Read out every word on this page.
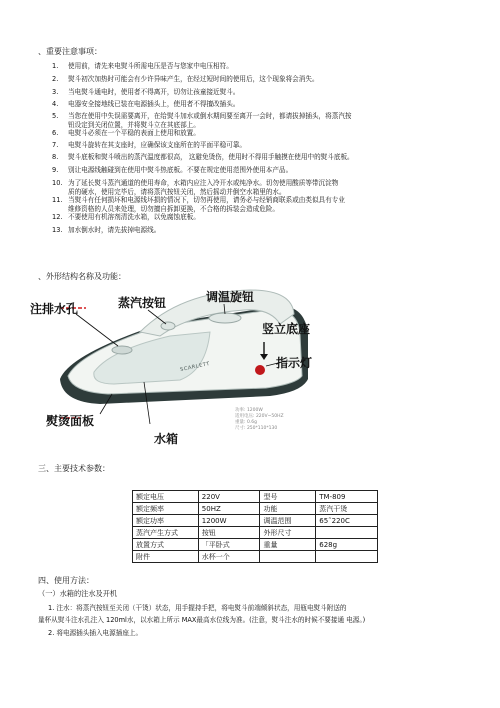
、重要注意事项：
1. 使用前，请先来电熨斗所需电压是否与您家中电压相符。
2. 熨斗初次加热时可能会有少许异味产生，在经过短时间的使用后，这个现象将会消失。
3. 当电熨斗通电时，使用者不得离开，切勿让孩童接近熨斗。
4. 电器安全接地线已装在电源插头上，使用者不得擅改插头。
5. 当您在使用中失误需要离开，在给熨斗加水或倒水期间要至离开一会时，都请拔掉插头，将蒸汽按
钮设定到关闭位置，并将熨斗立在其底部上。
6. 电熨斗必须在一个平稳的表面上使用和放置。
7. 电熨斗旋转在其支座时，应确保该支座所在的平面平稳可靠。
8. 熨斗底板和熨斗喷出的蒸汽温度都很高， 这避免烫伤，使用时不得用手触摸在使用中的熨斗底板。
9. 别让电源线触碰到在使用中熨斗热底板。不要在规定使用范围外使用本产品。
10. 为了延长熨斗蒸汽通道的使用寿命，水箱内应注入冷开水或纯净水。切勿使用酸质等带沉淀物
质的硬水，使用完毕后，请将蒸汽按钮关闭，然后摇动并倒空水箱里的水。
11. 当熨斗有任何损坏和电源线坏损的情况下，切勿再使用，请务必与经销商联系或由类似具有专业
维修资格的人员来处理，切勿擅自拆卸更换，不合格的拆装会造成危险。
12. 不要使用有机溶剂清洗水箱，以免腐蚀底板。
13. 加水倒水时，请先拔掉电源线。
、外形结构名称及功能：
注排水孔	蒸汽按钮	调温旋钮
竖立底座
指示灯
熨烫面板
水箱
SCARLETT
功率: 1200W
适用电压: 220V~50HZ
重量: 0.6g
尺寸: 250*110*130
三、主要技术参数：
额定电压	220V	型号	TM-809
额定频率	50HZ	功能	蒸汽干烫
额定功率	1200W	调温范围	65˜220C
蒸汽产生方式	按钮	外形尺寸	
放置方式	「平卧式	重量	628g
附件	水杯一个		
四、使用方法：
（一）水箱的注水及开机
1. 注水：将蒸汽按钮至关闭（干烫）状态，用手握持手把，将电熨斗前端倾斜状态，用瓶电熨斗附送的
量杯从熨斗注水孔注入 120ml水，以水箱上所示 MAX最高水位线为准。(注意，熨斗注水的时候不要接通 电源。)
2. 将电源插头插入电源插座上。
